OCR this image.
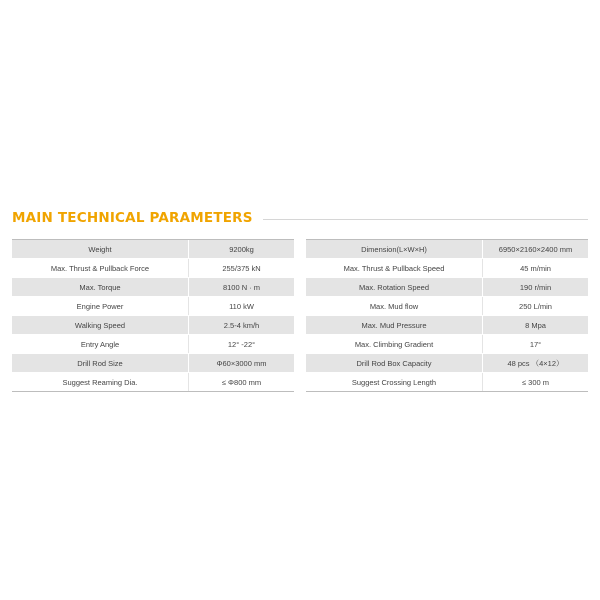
MAIN TECHNICAL PARAMETERS
Weight	9200kg
Max. Thrust & Pullback Force	255/375 kN
Max. Torque	8100 N · m
Engine Power	110 kW
Walking Speed	2.5-4 km/h
Entry Angle	12° -22°
Drill Rod Size	Φ60×3000 mm
Suggest Reaming Dia.	≤ Φ800 mm
Dimension(L×W×H)	6950×2160×2400 mm
Max. Thrust & Pullback Speed	45 m/min
Max. Rotation Speed	190 r/min
Max. Mud flow	250 L/min
Max. Mud Pressure	8 Mpa
Max. Climbing Gradient	17°
Drill Rod Box Capacity	48 pcs （4×12）
Suggest Crossing Length	≤ 300 m
